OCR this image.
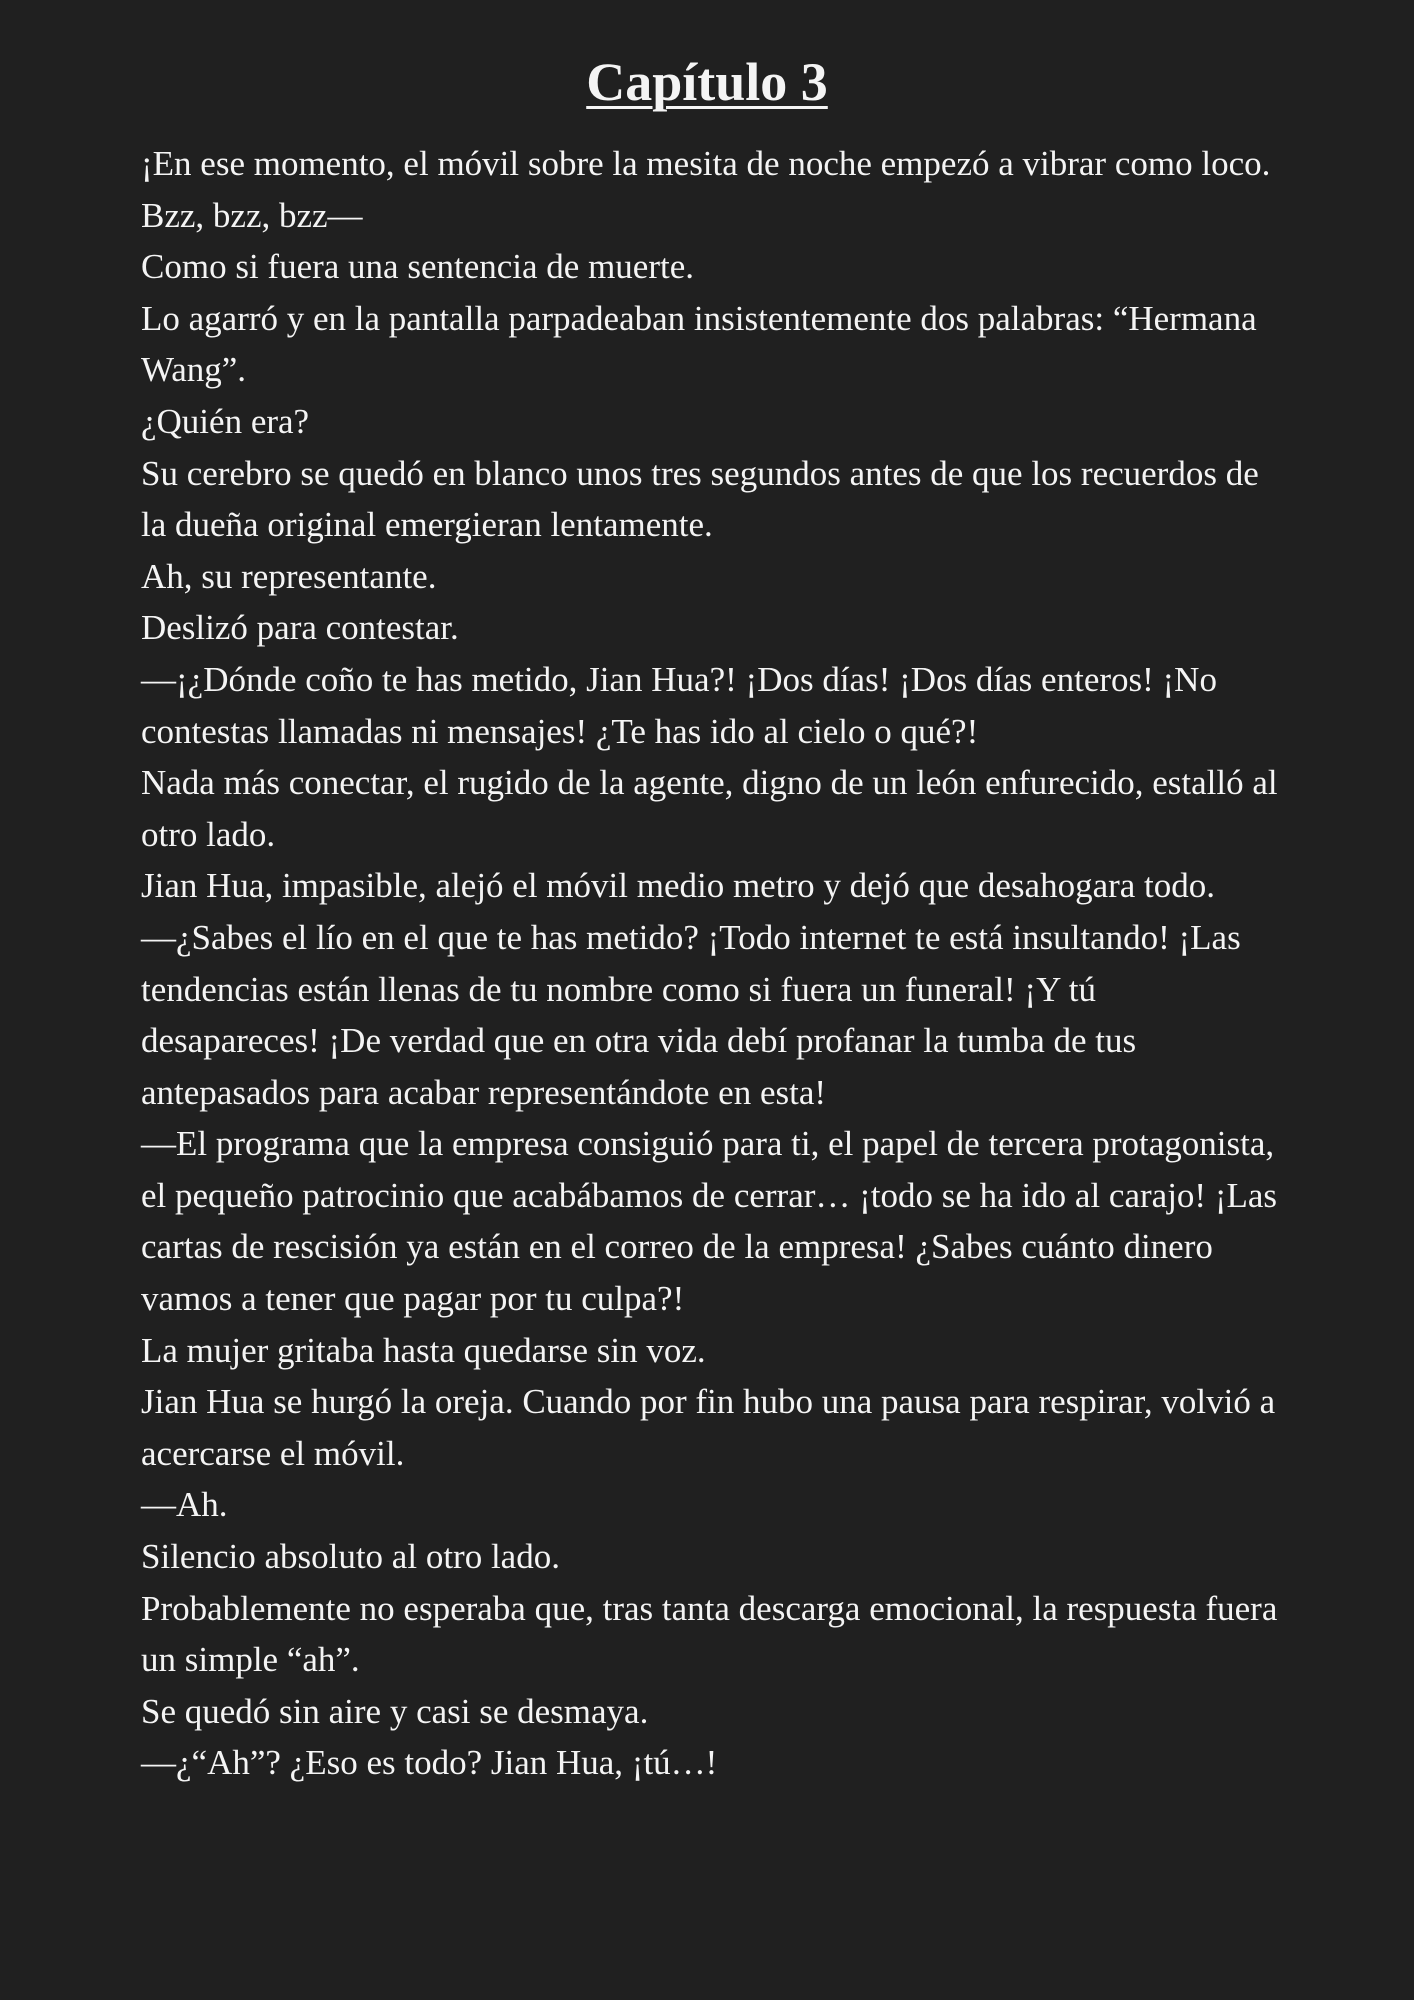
Capítulo 3

¡En ese momento, el móvil sobre la mesita de noche empezó a vibrar como loco.

Bzz, bzz, bzz—

Como si fuera una sentencia de muerte.

Lo agarró y en la pantalla parpadeaban insistentemente dos palabras: “Hermana Wang”.

¿Quién era?

Su cerebro se quedó en blanco unos tres segundos antes de que los recuerdos de la dueña original emergieran lentamente.

Ah, su representante.

Deslizó para contestar.

—¡¿Dónde coño te has metido, Jian Hua?! ¡Dos días! ¡Dos días enteros! ¡No contestas llamadas ni mensajes! ¿Te has ido al cielo o qué?!

Nada más conectar, el rugido de la agente, digno de un león enfurecido, estalló al otro lado.

Jian Hua, impasible, alejó el móvil medio metro y dejó que desahogara todo.

—¿Sabes el lío en el que te has metido? ¡Todo internet te está insultando! ¡Las tendencias están llenas de tu nombre como si fuera un funeral! ¡Y tú desapareces! ¡De verdad que en otra vida debí profanar la tumba de tus antepasados para acabar representándote en esta!

—El programa que la empresa consiguió para ti, el papel de tercera protagonista, el pequeño patrocinio que acabábamos de cerrar… ¡todo se ha ido al carajo! ¡Las cartas de rescisión ya están en el correo de la empresa! ¿Sabes cuánto dinero vamos a tener que pagar por tu culpa?!

La mujer gritaba hasta quedarse sin voz.

Jian Hua se hurgó la oreja. Cuando por fin hubo una pausa para respirar, volvió a acercarse el móvil.

—Ah.

Silencio absoluto al otro lado.

Probablemente no esperaba que, tras tanta descarga emocional, la respuesta fuera un simple “ah”.

Se quedó sin aire y casi se desmaya.

—¿“Ah”? ¿Eso es todo? Jian Hua, ¡tú…!
